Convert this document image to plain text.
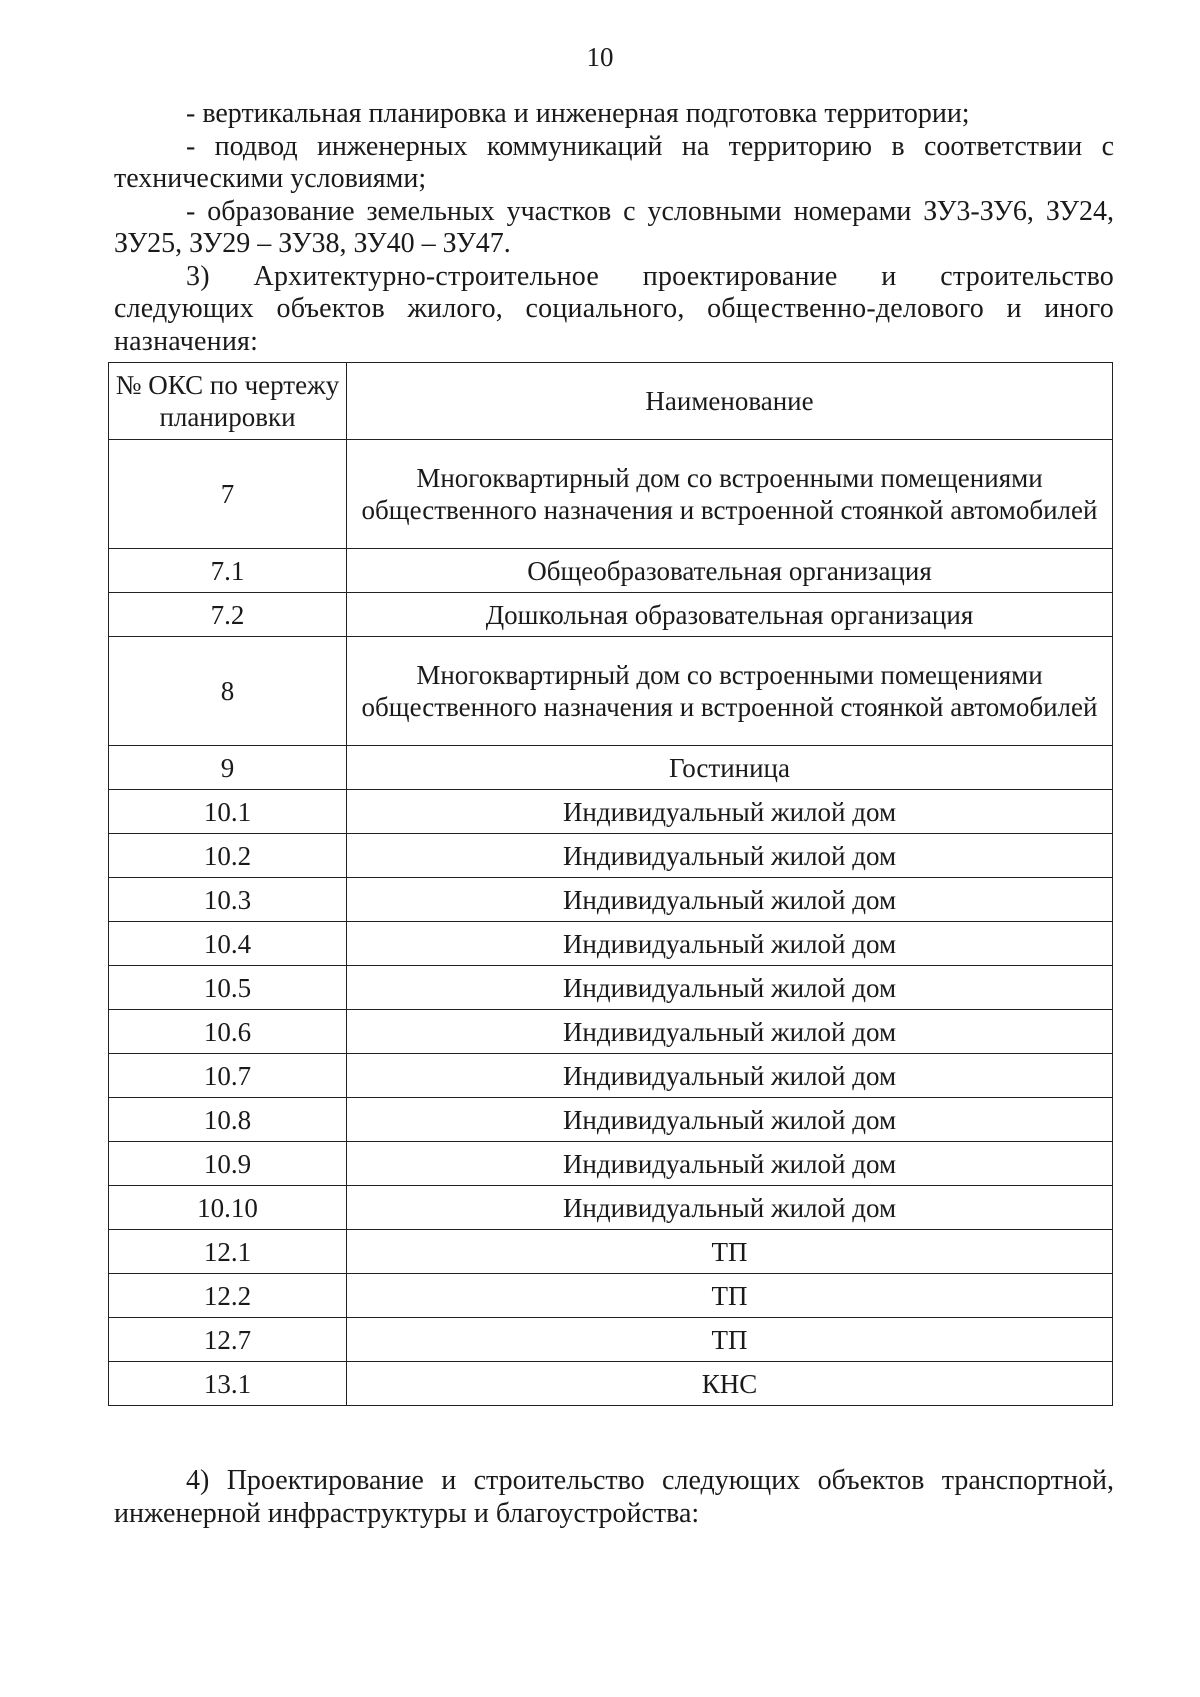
10

- вертикальная планировка и инженерная подготовка территории;

- подвод инженерных коммуникаций на территорию в соответствии с техническими условиями;

- образование земельных участков с условными номерами ЗУ3-ЗУ6, ЗУ24, ЗУ25, ЗУ29 – ЗУ38, ЗУ40 – ЗУ47.

3) Архитектурно-строительное проектирование и строительство следующих объектов жилого, социального, общественно-делового и иного назначения:

№ ОКС по чертежу планировки	Наименование
7	Многоквартирный дом со встроенными помещениями общественного назначения и встроенной стоянкой автомобилей
7.1	Общеобразовательная организация
7.2	Дошкольная образовательная организация
8	Многоквартирный дом со встроенными помещениями общественного назначения и встроенной стоянкой автомобилей
9	Гостиница
10.1	Индивидуальный жилой дом
10.2	Индивидуальный жилой дом
10.3	Индивидуальный жилой дом
10.4	Индивидуальный жилой дом
10.5	Индивидуальный жилой дом
10.6	Индивидуальный жилой дом
10.7	Индивидуальный жилой дом
10.8	Индивидуальный жилой дом
10.9	Индивидуальный жилой дом
10.10	Индивидуальный жилой дом
12.1	ТП
12.2	ТП
12.7	ТП
13.1	КНС

4) Проектирование и строительство следующих объектов транспортной, инженерной инфраструктуры и благоустройства:
